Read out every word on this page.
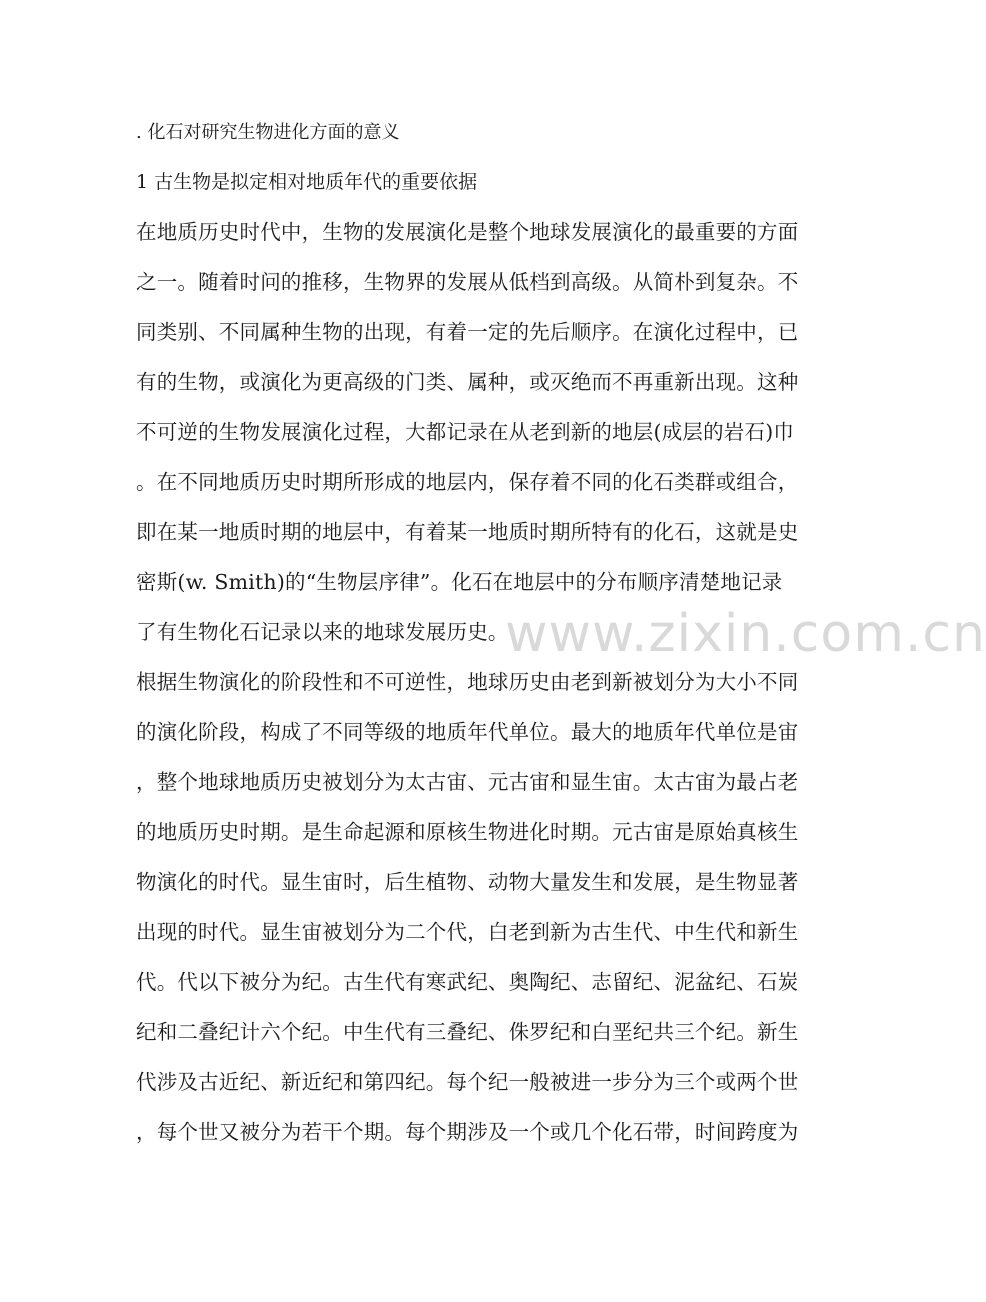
www.zixin.com.cn
. 化石对研究生物进化方面的意义
1 古生物是拟定相对地质年代的重要依据
在地质历史时代中，生物的发展演化是整个地球发展演化的最重要的方面
之一。随着时问的推移，生物界的发展从低档到高级。从简朴到复杂。不
同类别、不同属种生物的出现，有着一定的先后顺序。在演化过程中，已
有的生物，或演化为更高级的门类、属种，或灭绝而不再重新出现。这种
不可逆的生物发展演化过程，大都记录在从老到新的地层(成层的岩石)巾
。在不同地质历史时期所形成的地层内，保存着不同的化石类群或组合，
即在某一地质时期的地层中，有着某一地质时期所特有的化石，这就是史
密斯(w. Smith)的“生物层序律”。化石在地层中的分布顺序清楚地记录
了有生物化石记录以来的地球发展历史。
根据生物演化的阶段性和不可逆性，地球历史由老到新被划分为大小不同
的演化阶段，构成了不同等级的地质年代单位。最大的地质年代单位是宙
，整个地球地质历史被划分为太古宙、元古宙和显生宙。太古宙为最占老
的地质历史时期。是生命起源和原核生物进化时期。元古宙是原始真核生
物演化的时代。显生宙时，后生植物、动物大量发生和发展，是生物显著
出现的时代。显生宙被划分为二个代，白老到新为古生代、中生代和新生
代。代以下被分为纪。古生代有寒武纪、奥陶纪、志留纪、泥盆纪、石炭
纪和二叠纪计六个纪。中生代有三叠纪、侏罗纪和白垩纪共三个纪。新生
代涉及古近纪、新近纪和第四纪。每个纪一般被进一步分为三个或两个世
，每个世又被分为若干个期。每个期涉及一个或几个化石带，时间跨度为
